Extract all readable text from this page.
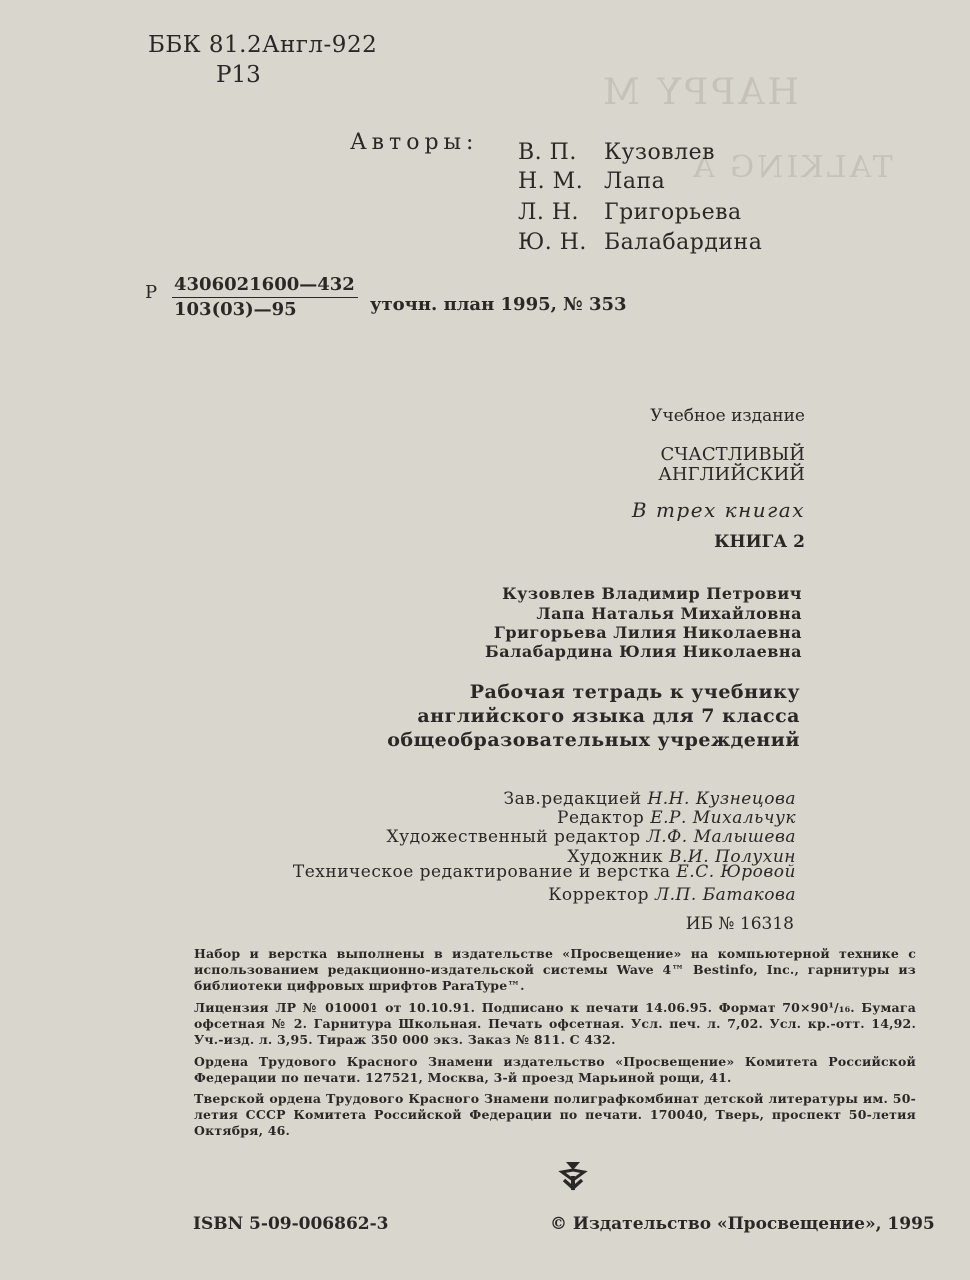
HAPPY M
TALKING A
ББК 81.2Англ-922
Р13
Авторы: В. П. Кузовлев
Н. М. Лапа
Л. Н. Григорьева
Ю. Н. Балабардина
Р 4306021600—432
103(03)—95	уточн. план 1995, № 353
Учебное издание
СЧАСТЛИВЫЙ
АНГЛИЙСКИЙ
В трех книгах
КНИГА 2
Кузовлев Владимир Петрович
Лапа Наталья Михайловна
Григорьева Лилия Николаевна
Балабардина Юлия Николаевна
Рабочая тетрадь к учебнику
английского языка для 7 класса
общеобразовательных учреждений
Зав.редакцией Н.Н. Кузнецова
Редактор Е.Р. Михальчук
Художественный редактор Л.Ф. Малышева
Художник В.И. Полухин
Техническое редактирование и верстка Е.С. Юровой
Корректор Л.П. Батакова
ИБ № 16318
Набор и верстка выполнены в издательстве «Просвещение» на компьютерной технике с использованием редакционно-издательской системы Wave 4™ Bestinfo, Inc., гарнитуры из библиотеки цифровых шрифтов ParaType™.
Лицензия ЛР № 010001 от 10.10.91. Подписано к печати 14.06.95. Формат 70×90¹/₁₆. Бумага офсетная № 2. Гарнитура Школьная. Печать офсетная. Усл. печ. л. 7,02. Усл. кр.-отт. 14,92. Уч.-изд. л. 3,95. Тираж 350 000 экз. Заказ № 811. С 432.
Ордена Трудового Красного Знамени издательство «Просвещение» Комитета Российской Федерации по печати. 127521, Москва, 3-й проезд Марьиной рощи, 41.
Тверской ордена Трудового Красного Знамени полиграфкомбинат детской литературы им. 50-летия СССР Комитета Российской Федерации по печати. 170040, Тверь, проспект 50-летия Октября, 46.
ISBN 5-09-006862-3	© Издательство «Просвещение», 1995
